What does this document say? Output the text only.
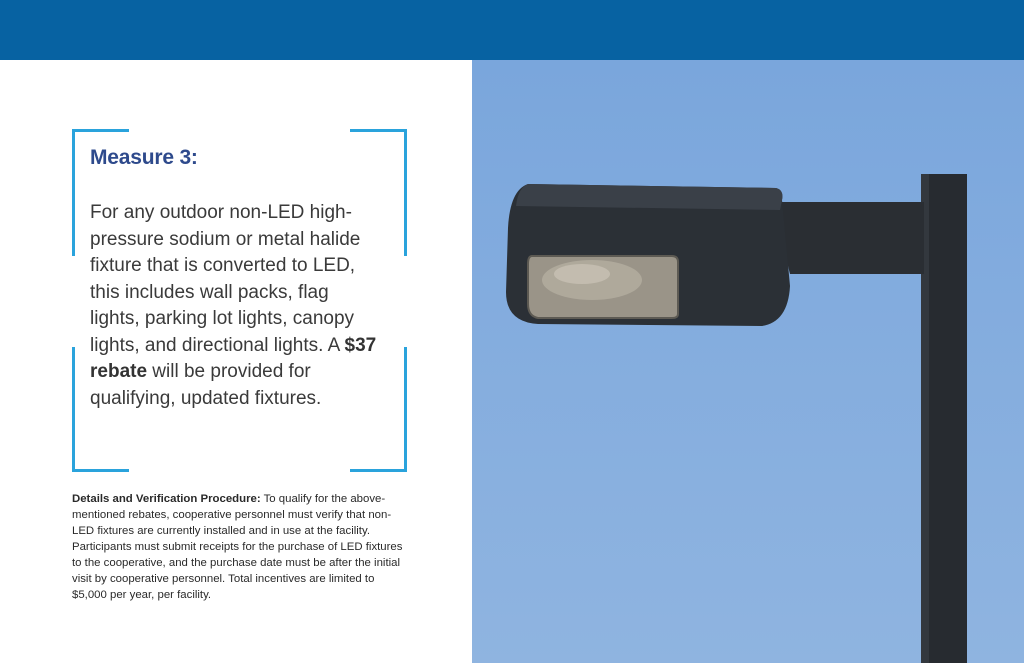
Measure 3:
For any outdoor non-LED high-pressure sodium or metal halide fixture that is converted to LED, this includes wall packs, flag lights, parking lot lights, canopy lights, and directional lights. A $37 rebate will be provided for qualifying, updated fixtures.
Details and Verification Procedure: To qualify for the above-mentioned rebates, cooperative personnel must verify that non-LED fixtures are currently installed and in use at the facility. Participants must submit receipts for the purchase of LED fixtures to the cooperative, and the purchase date must be after the initial visit by cooperative personnel. Total incentives are limited to $5,000 per year, per facility.
